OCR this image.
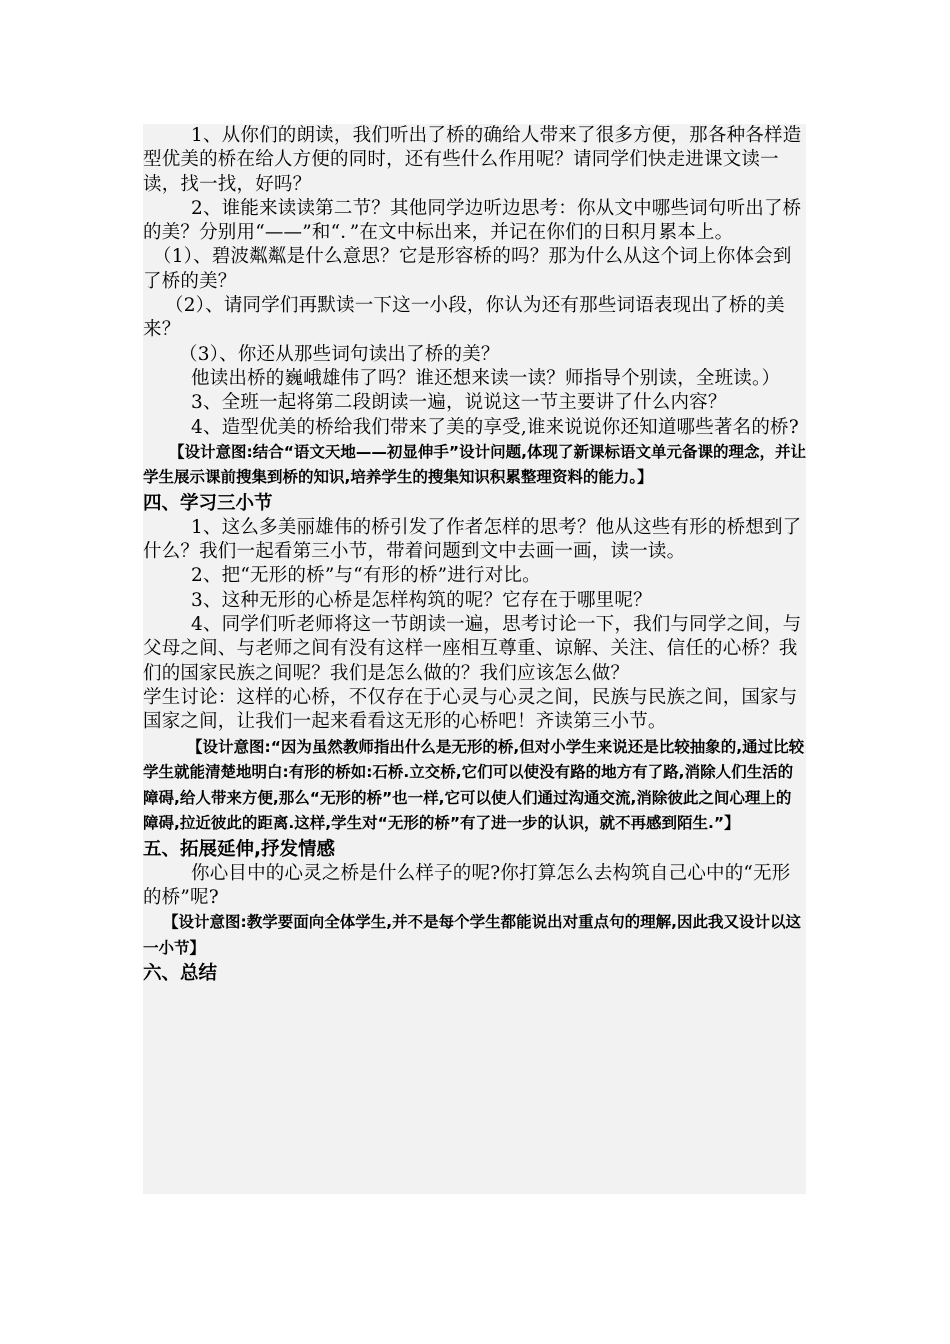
1、从你们的朗读，我们听出了桥的确给人带来了很多方便，那各种各样造型优美的桥在给人方便的同时，还有些什么作用呢？请同学们快走进课文读一读，找一找，好吗？

2、谁能来读读第二节？其他同学边听边思考：你从文中哪些词句听出了桥的美？分别用“——”和“．”在文中标出来，并记在你们的日积月累本上。

（1）、碧波粼粼是什么意思？它是形容桥的吗？那为什么从这个词上你体会到了桥的美？

（2）、请同学们再默读一下这一小段，你认为还有那些词语表现出了桥的美来？

（3）、你还从那些词句读出了桥的美？

他读出桥的巍峨雄伟了吗？谁还想来读一读？师指导个别读，全班读。）

3、全班一起将第二段朗读一遍，说说这一节主要讲了什么内容？

4、造型优美的桥给我们带来了美的享受,谁来说说你还知道哪些著名的桥?

【设计意图:结合“语文天地——初显伸手”设计问题,体现了新课标语文单元备课的理念，并让学生展示课前搜集到桥的知识,培养学生的搜集知识积累整理资料的能力。】

四、学习三小节

1、这么多美丽雄伟的桥引发了作者怎样的思考？他从这些有形的桥想到了什么？我们一起看第三小节，带着问题到文中去画一画，读一读。

2、把“无形的桥”与“有形的桥”进行对比。

3、这种无形的心桥是怎样构筑的呢？它存在于哪里呢？

4、同学们听老师将这一节朗读一遍，思考讨论一下，我们与同学之间，与父母之间、与老师之间有没有这样一座相互尊重、谅解、关注、信任的心桥？我们的国家民族之间呢？我们是怎么做的？我们应该怎么做？

学生讨论：这样的心桥，不仅存在于心灵与心灵之间，民族与民族之间，国家与国家之间，让我们一起来看看这无形的心桥吧！齐读第三小节。

【设计意图:“因为虽然教师指出什么是无形的桥,但对小学生来说还是比较抽象的,通过比较学生就能清楚地明白:有形的桥如:石桥.立交桥,它们可以使没有路的地方有了路,消除人们生活的障碍,给人带来方便,那么“无形的桥”也一样,它可以使人们通过沟通交流,消除彼此之间心理上的障碍,拉近彼此的距离.这样,学生对“无形的桥”有了进一步的认识，就不再感到陌生.”】

五、拓展延伸,抒发情感

你心目中的心灵之桥是什么样子的呢?你打算怎么去构筑自己心中的“无形的桥”呢?

【设计意图:教学要面向全体学生,并不是每个学生都能说出对重点句的理解,因此我又设计以这一小节】

六、总结
